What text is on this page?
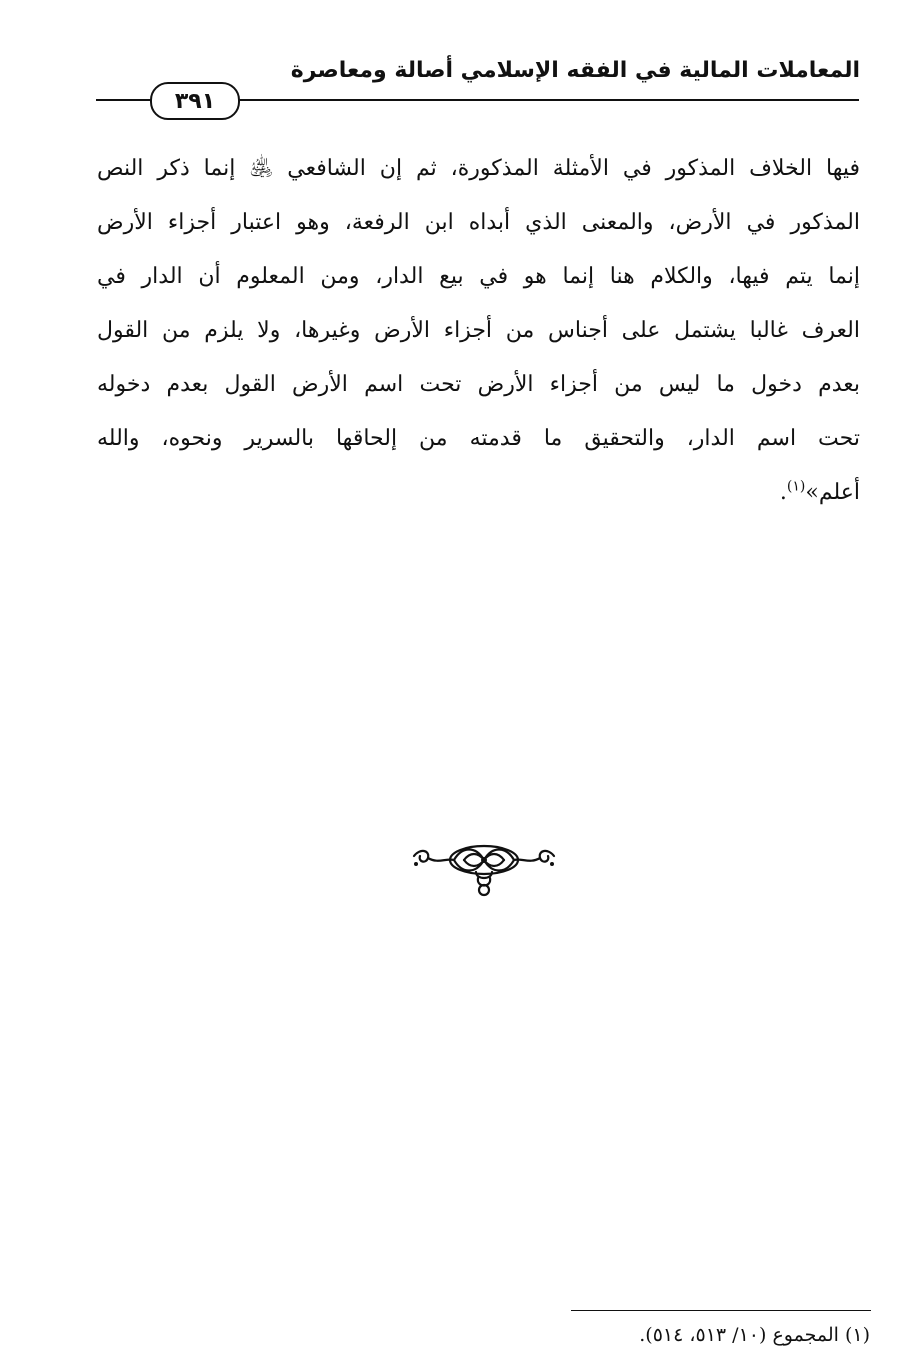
المعاملات المالية في الفقه الإسلامي أصالة ومعاصرة
٣٩١
فيها الخلاف المذكور في الأمثلة المذكورة، ثم إن الشافعي ﵁ إنما ذكر النص
المذكور في الأرض، والمعنى الذي أبداه ابن الرفعة، وهو اعتبار أجزاء الأرض
إنما يتم فيها، والكلام هنا إنما هو في بيع الدار، ومن المعلوم أن الدار في
العرف غالبا يشتمل على أجناس من أجزاء الأرض وغيرها، ولا يلزم من القول
بعدم دخول ما ليس من أجزاء الأرض تحت اسم الأرض القول بعدم دخوله
تحت اسم الدار، والتحقيق ما قدمته من إلحاقها بالسرير ونحوه، والله
أعلم»$^{(١)}$.
(١) المجموع (١٠/ ٥١٣، ٥١٤).
